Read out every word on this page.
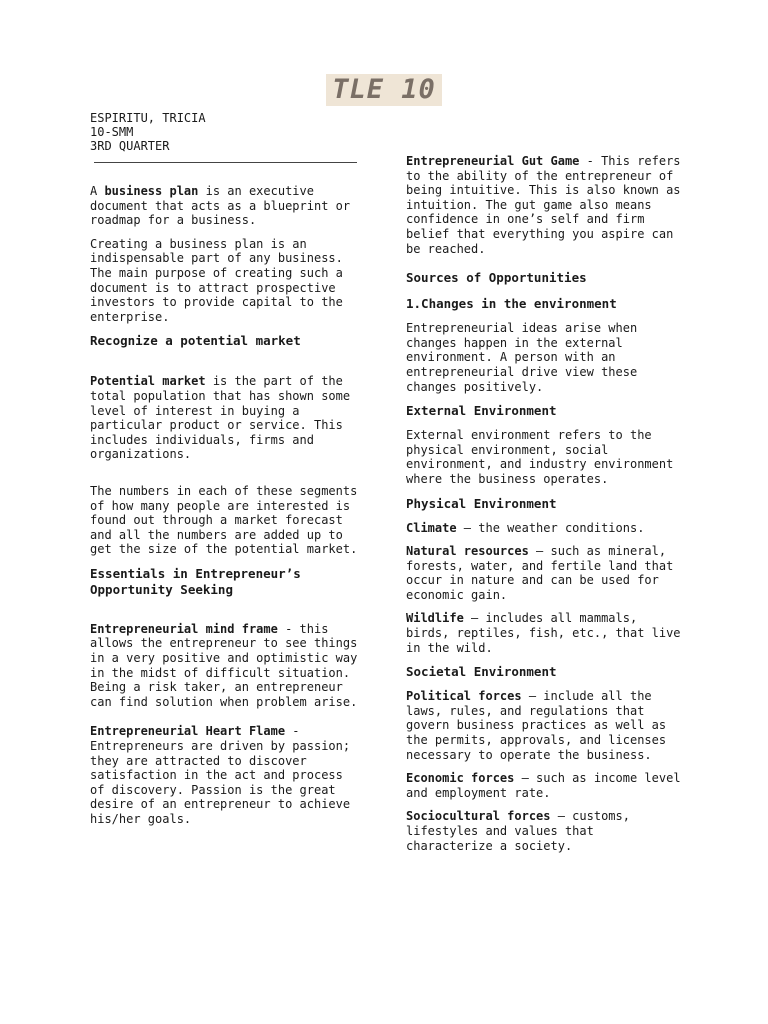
TLE 10
ESPIRITU, TRICIA
10-SMM
3RD QUARTER

A business plan is an executive document that acts as a blueprint or roadmap for a business.

Creating a business plan is an indispensable part of any business. The main purpose of creating such a document is to attract prospective investors to provide capital to the enterprise.

Recognize a potential market

Potential market is the part of the total population that has shown some level of interest in buying a particular product or service. This includes individuals, firms and organizations.

The numbers in each of these segments of how many people are interested is found out through a market forecast and all the numbers are added up to get the size of the potential market.

Essentials in Entrepreneur’s Opportunity Seeking

Entrepreneurial mind frame - this allows the entrepreneur to see things in a very positive and optimistic way in the midst of difficult situation. Being a risk taker, an entrepreneur can find solution when problem arise.

Entrepreneurial Heart Flame - Entrepreneurs are driven by passion; they are attracted to discover satisfaction in the act and process of discovery. Passion is the great desire of an entrepreneur to achieve his/her goals.

Entrepreneurial Gut Game - This refers to the ability of the entrepreneur of being intuitive. This is also known as intuition. The gut game also means confidence in one’s self and firm belief that everything you aspire can be reached.

Sources of Opportunities

1.Changes in the environment

Entrepreneurial ideas arise when changes happen in the external environment. A person with an entrepreneurial drive view these changes positively.

External Environment

External environment refers to the physical environment, social environment, and industry environment where the business operates.

Physical Environment

Climate – the weather conditions.

Natural resources – such as mineral, forests, water, and fertile land that occur in nature and can be used for economic gain.

Wildlife – includes all mammals, birds, reptiles, fish, etc., that live in the wild.

Societal Environment

Political forces – include all the laws, rules, and regulations that govern business practices as well as the permits, approvals, and licenses necessary to operate the business.

Economic forces – such as income level and employment rate.

Sociocultural forces – customs, lifestyles and values that characterize a society.
